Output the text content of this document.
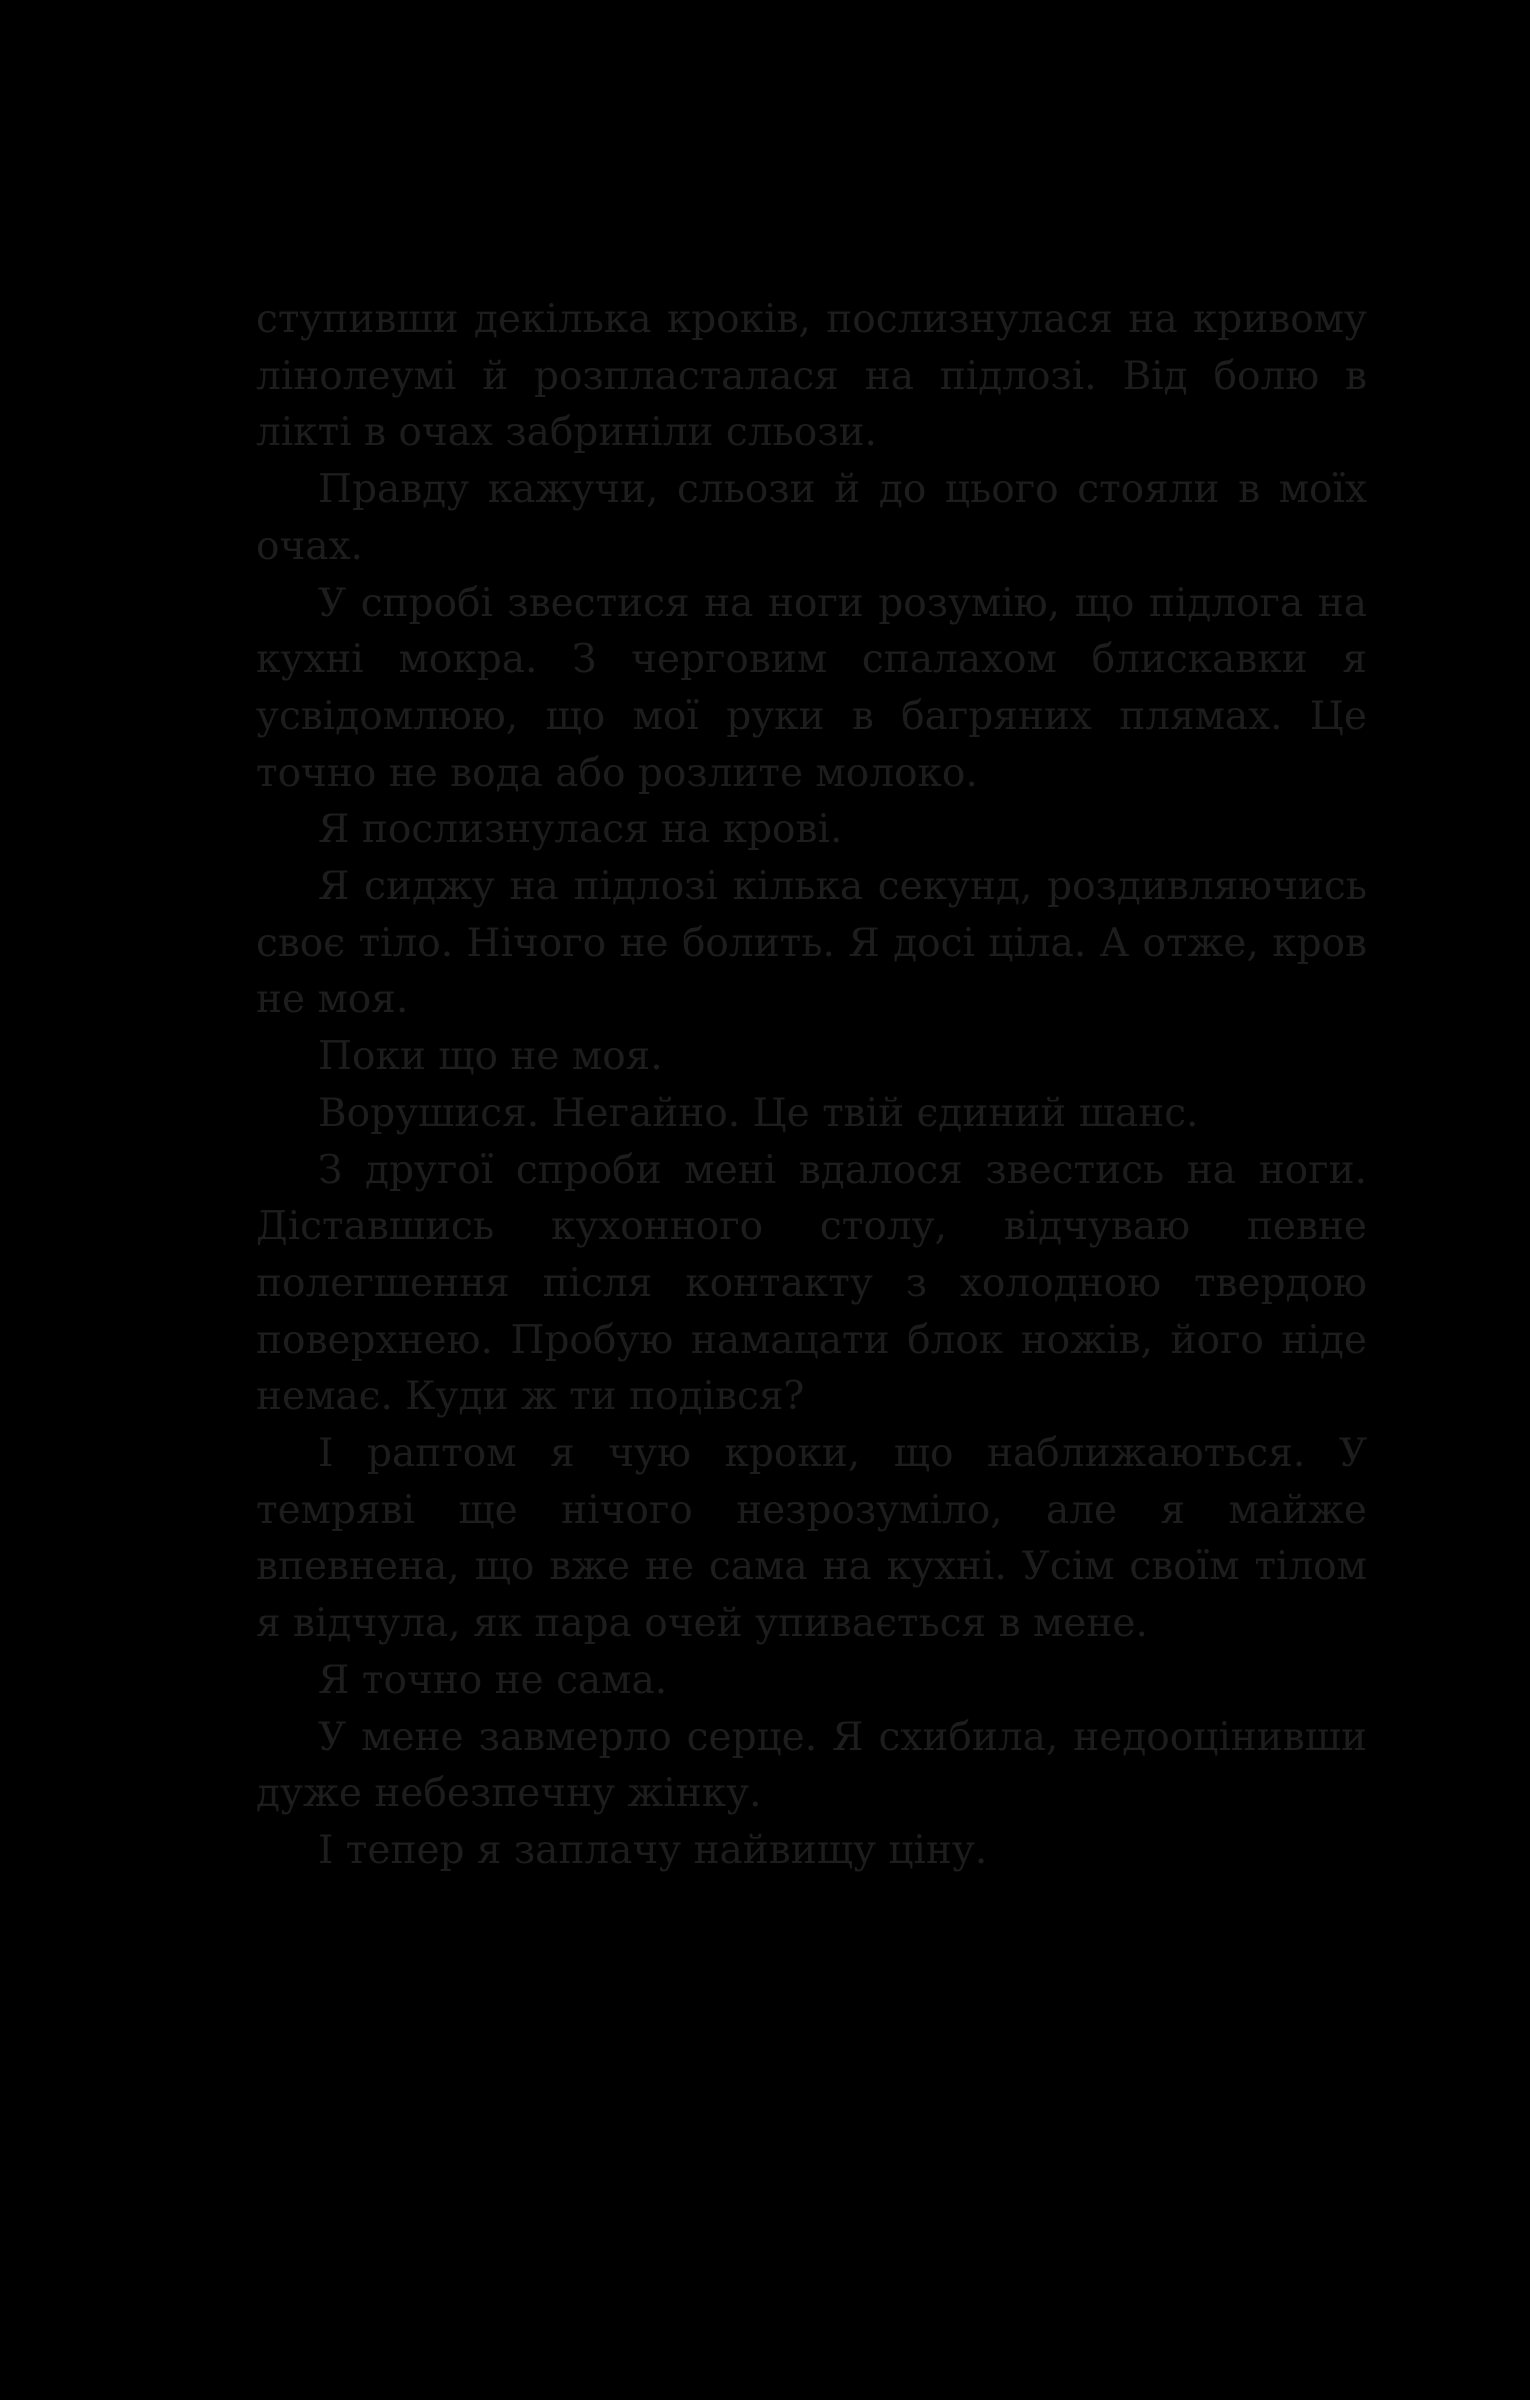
ступивши декілька кроків, послизнулася на кривому лінолеумі й розпласталася на підлозі. Від болю в лікті в очах забриніли сльози.

Правду кажучи, сльози й до цього стояли в моїх очах.

У спробі звестися на ноги розумію, що підлога на кухні мокра. З черговим спалахом блискавки я усвідомлюю, що мої руки в багряних плямах. Це точно не вода або розлите молоко.

Я послизнулася на крові.

Я сиджу на підлозі кілька секунд, роздивляючись своє тіло. Нічого не болить. Я досі ціла. А отже, кров не моя.

Поки що не моя.

Ворушися. Негайно. Це твій єдиний шанс.

З другої спроби мені вдалося звестись на ноги. Діставшись кухонного столу, відчуваю певне полегшення після контакту з холодною твердою поверхнею. Пробую намацати блок ножів, його ніде немає. Куди ж ти подівся?

І раптом я чую кроки, що наближаються. У темряві ще нічого незрозуміло, але я майже впевнена, що вже не сама на кухні. Усім своїм тілом я відчула, як пара очей упивається в мене.

Я точно не сама.

У мене завмерло серце. Я схибила, недооцінивши дуже небезпечну жінку.

І тепер я заплачу найвищу ціну.
